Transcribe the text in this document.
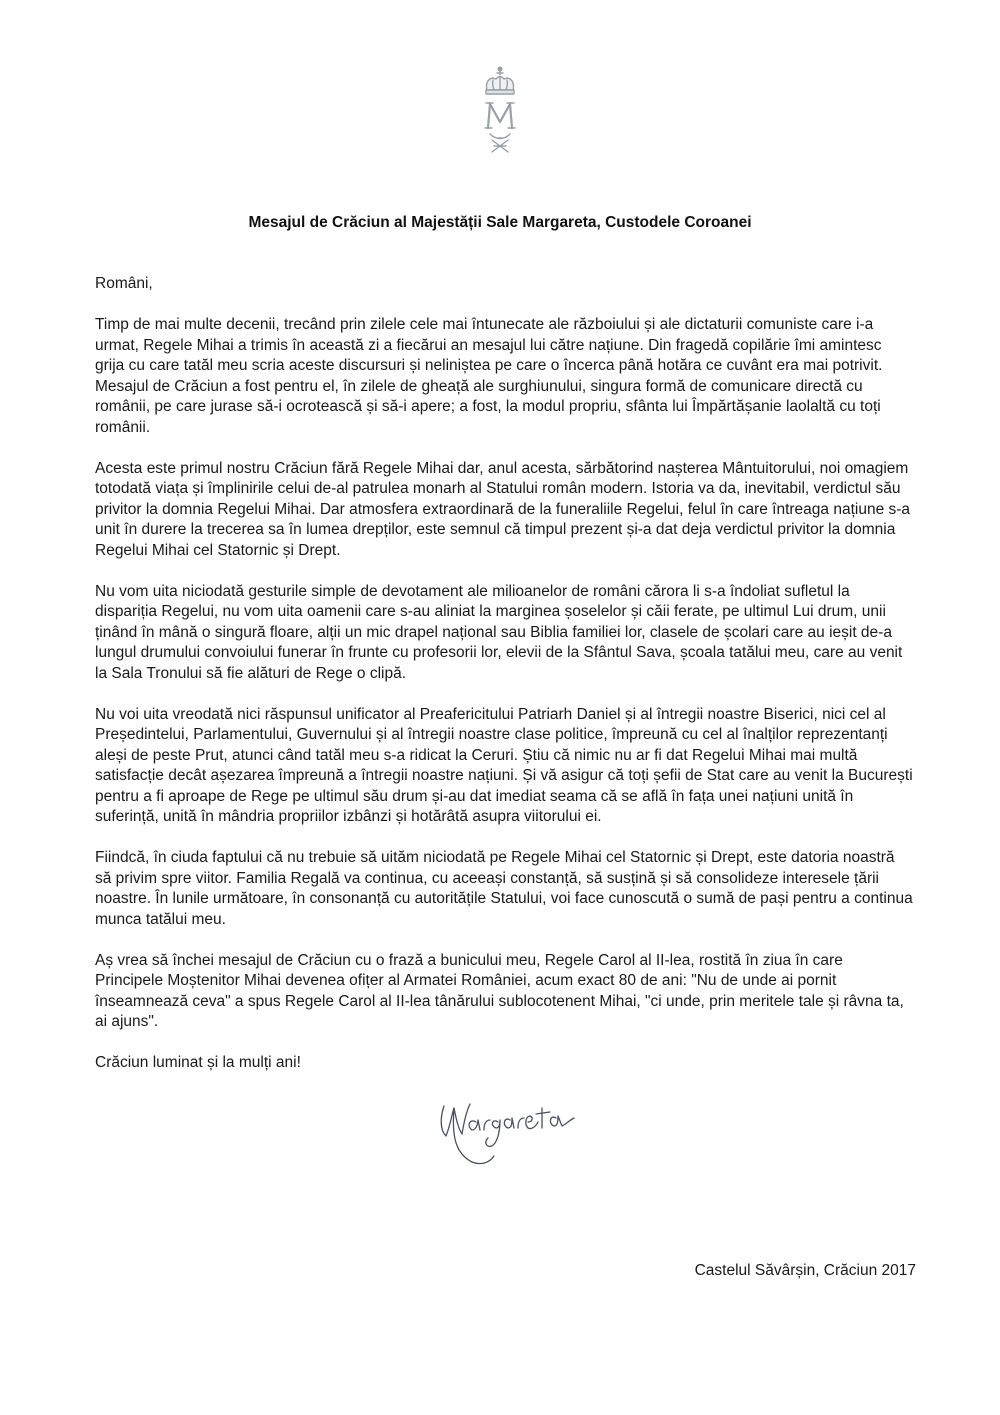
Mesajul de Crăciun al Majestății Sale Margareta, Custodele Coroanei

Români,

Timp de mai multe decenii, trecând prin zilele cele mai întunecate ale războiului și ale dictaturii comuniste care i-a urmat, Regele Mihai a trimis în această zi a fiecărui an mesajul lui către națiune. Din fragedă copilărie îmi amintesc grija cu care tatăl meu scria aceste discursuri și neliniștea pe care o încerca până hotăra ce cuvânt era mai potrivit. Mesajul de Crăciun a fost pentru el, în zilele de gheață ale surghiunului, singura formă de comunicare directă cu românii, pe care jurase să-i ocrotească și să-i apere; a fost, la modul propriu, sfânta lui Împărtășanie laolaltă cu toți românii.

Acesta este primul nostru Crăciun fără Regele Mihai dar, anul acesta, sărbătorind nașterea Mântuitorului, noi omagiem totodată viața și împlinirile celui de-al patrulea monarh al Statului român modern. Istoria va da, inevitabil, verdictul său privitor la domnia Regelui Mihai. Dar atmosfera extraordinară de la funeraliile Regelui, felul în care întreaga națiune s-a unit în durere la trecerea sa în lumea drepților, este semnul că timpul prezent și-a dat deja verdictul privitor la domnia Regelui Mihai cel Statornic și Drept.

Nu vom uita niciodată gesturile simple de devotament ale milioanelor de români cărora li s-a îndoliat sufletul la dispariția Regelui, nu vom uita oamenii care s-au aliniat la marginea șoselelor și căii ferate, pe ultimul Lui drum, unii ținând în mână o singură floare, alții un mic drapel național sau Biblia familiei lor, clasele de școlari care au ieșit de-a lungul drumului convoiului funerar în frunte cu profesorii lor, elevii de la Sfântul Sava, școala tatălui meu, care au venit la Sala Tronului să fie alături de Rege o clipă.

Nu voi uita vreodată nici răspunsul unificator al Preafericitului Patriarh Daniel și al întregii noastre Biserici, nici cel al Președintelui, Parlamentului, Guvernului și al întregii noastre clase politice, împreună cu cel al înalților reprezentanți aleși de peste Prut, atunci când tatăl meu s-a ridicat la Ceruri. Știu că nimic nu ar fi dat Regelui Mihai mai multă satisfacție decât așezarea împreună a întregii noastre națiuni. Și vă asigur că toți șefii de Stat care au venit la București pentru a fi aproape de Rege pe ultimul său drum și-au dat imediat seama că se află în fața unei națiuni unită în suferință, unită în mândria propriilor izbânzi și hotărâtă asupra viitorului ei.

Fiindcă, în ciuda faptului că nu trebuie să uităm niciodată pe Regele Mihai cel Statornic și Drept, este datoria noastră să privim spre viitor. Familia Regală va continua, cu aceeași constanță, să susțină și să consolideze interesele țării noastre. În lunile următoare, în consonanță cu autoritățile Statului, voi face cunoscută o sumă de pași pentru a continua munca tatălui meu.

Aș vrea să închei mesajul de Crăciun cu o frază a bunicului meu, Regele Carol al II-lea, rostită în ziua în care Principele Moștenitor Mihai devenea ofițer al Armatei României, acum exact 80 de ani: "Nu de unde ai pornit înseamnează ceva" a spus Regele Carol al II-lea tânărului sublocotenent Mihai, "ci unde, prin meritele tale și râvna ta, ai ajuns".

Crăciun luminat și la mulți ani!

Castelul Săvârșin, Crăciun 2017
